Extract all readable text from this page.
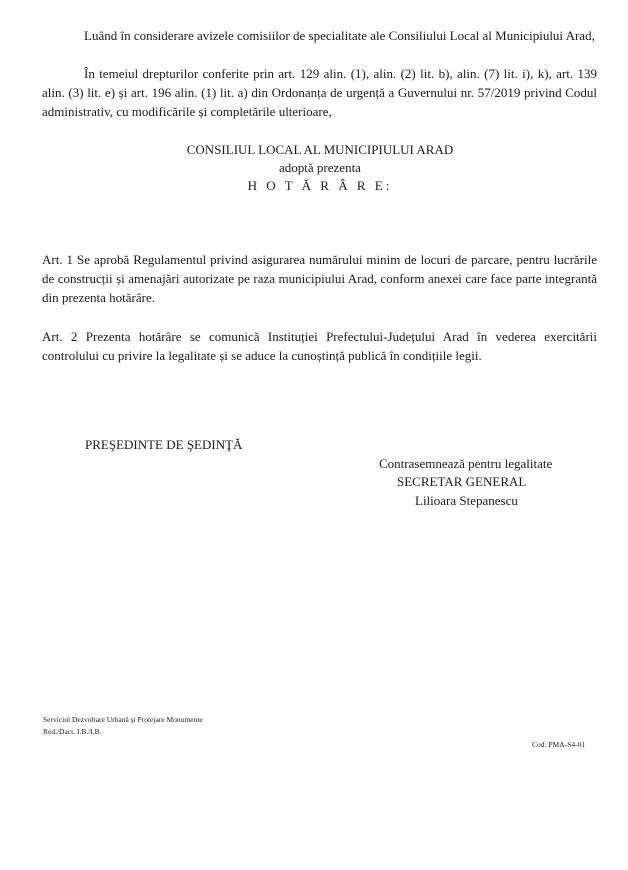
Luând în considerare avizele comisiilor de specialitate ale Consiliului Local al Municipiului Arad,
În temeiul drepturilor conferite prin art. 129 alin. (1), alin. (2) lit. b), alin. (7) lit. i), k), art. 139 alin. (3) lit. e) și art. 196 alin. (1) lit. a) din Ordonanța de urgență a Guvernului nr. 57/2019 privind Codul administrativ, cu modificările și completările ulterioare,
CONSILIUL LOCAL AL MUNICIPIULUI ARAD
adoptă prezenta
H O T Ă R Â R E:
Art. 1 Se aprobă Regulamentul privind asigurarea numărului minim de locuri de parcare, pentru lucrările de construcții și amenajări autorizate pe raza municipiului Arad, conform anexei care face parte integrantă din prezenta hotărâre.
Art. 2 Prezenta hotărâre se comunică Instituției Prefectului-Județului Arad în vederea exercitării controlului cu privire la legalitate și se aduce la cunoștință publică în condițiile legii.
PREŞEDINTE DE ŞEDINŢĂ
Contrasemnează pentru legalitate
SECRETAR GENERAL
Lilioara Stepanescu
Serviciul Dezvoltare Urbană şi Protejare Monumente
Red./Dact. I.B./I.B.
Cod: PMA-S4-01
